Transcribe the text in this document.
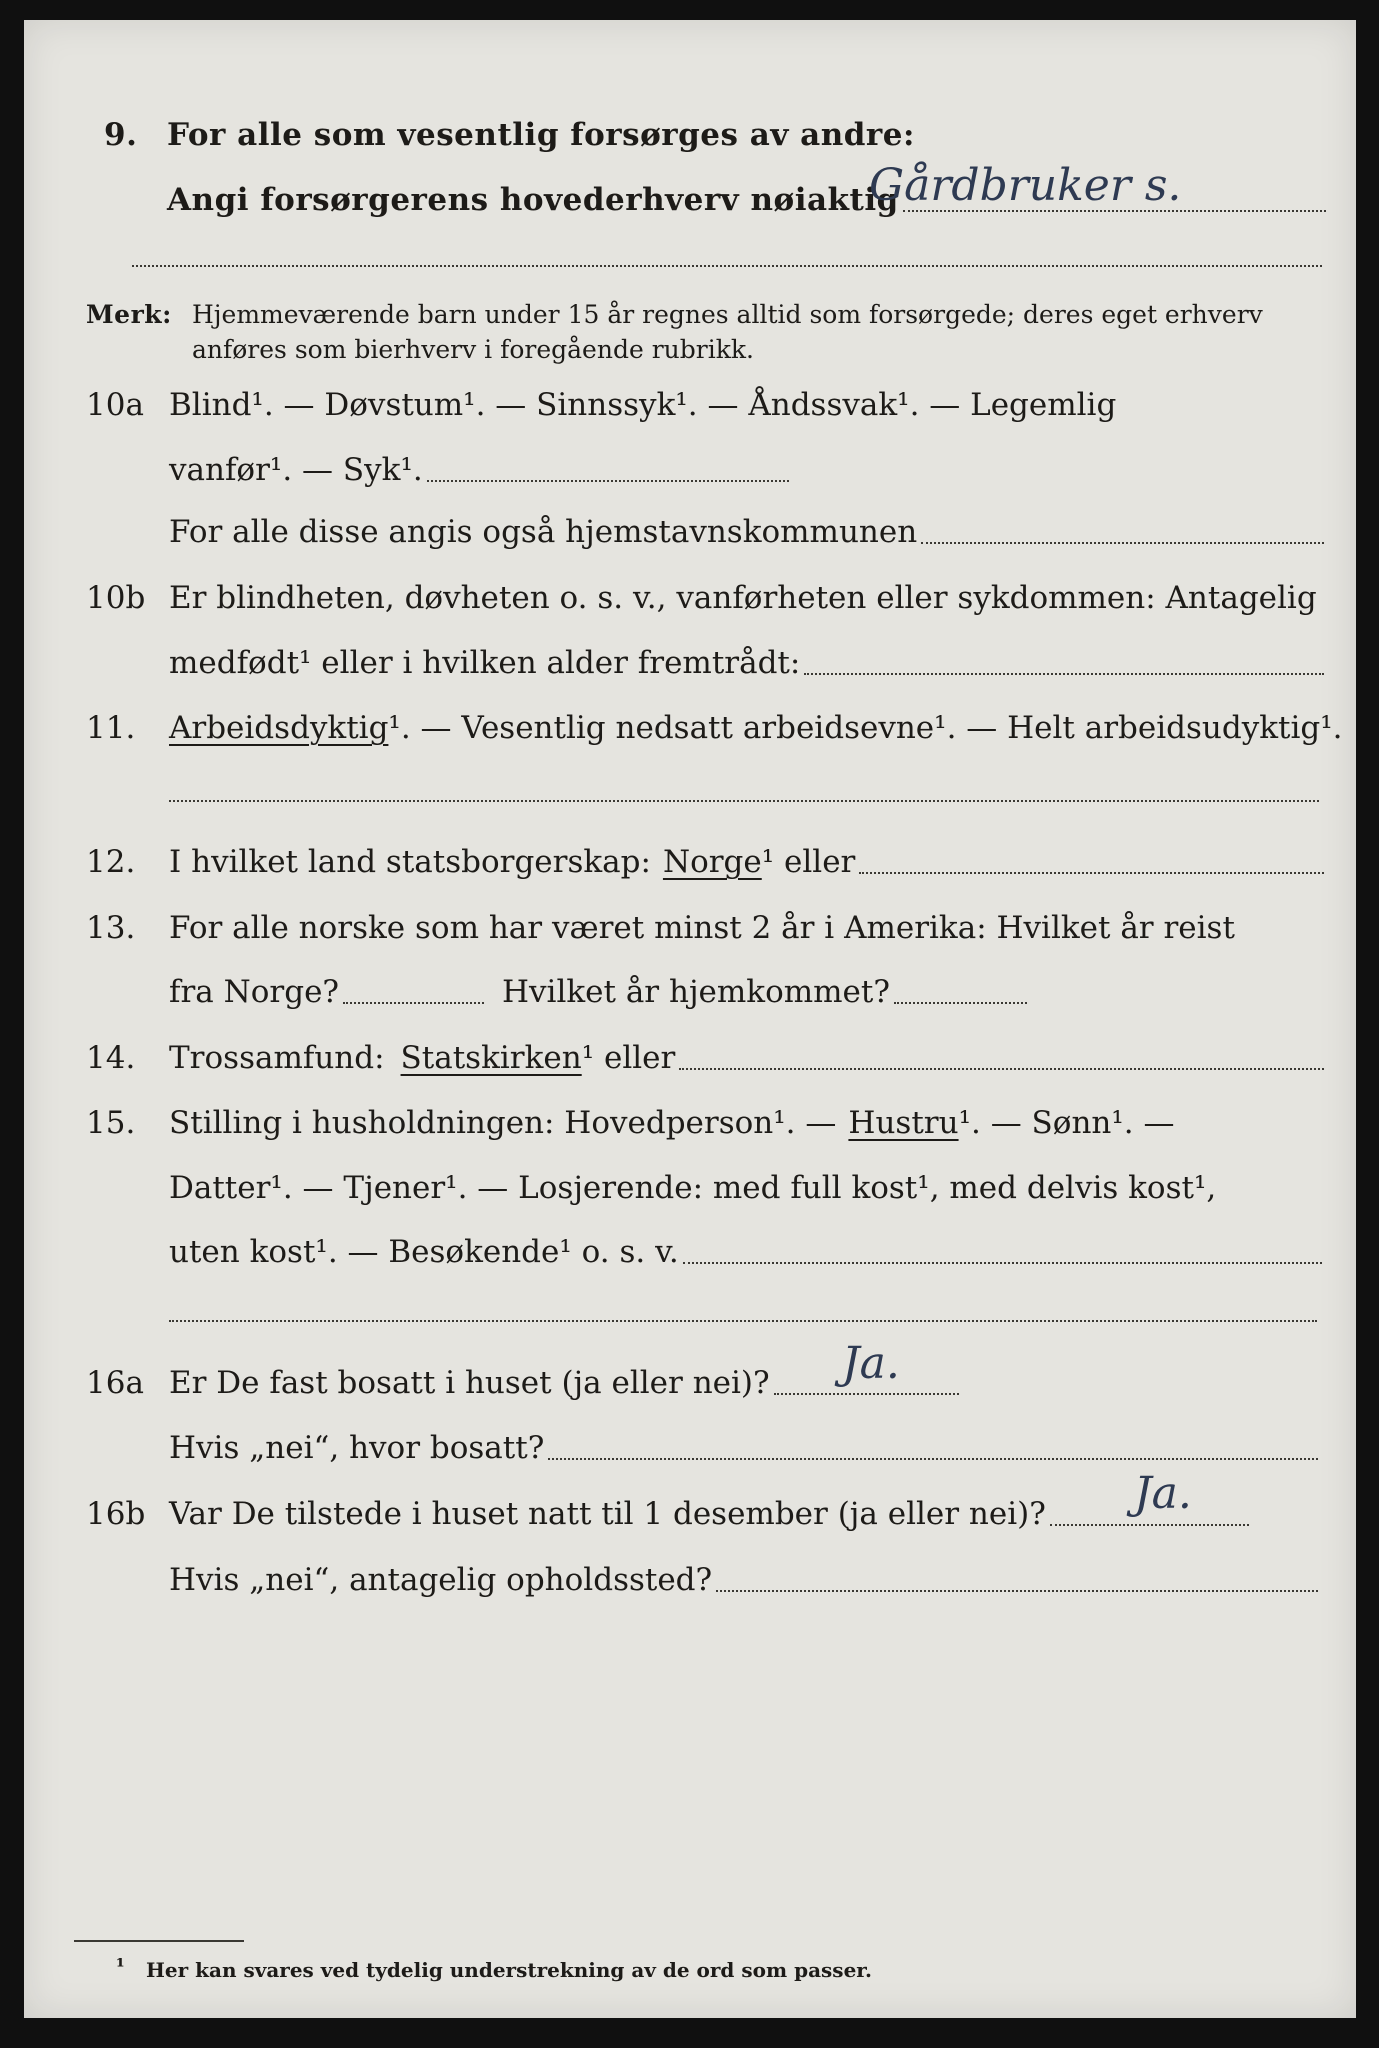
9. For alle som vesentlig forsørges av andre:
Angi forsørgerens hovederhverv nøiaktig
Gårdbruker s.
Merk: Hjemmeværende barn under 15 år regnes alltid som forsørgede; deres eget erhverv
anføres som bierhverv i foregående rubrikk.
10a Blind¹. — Døvstum¹. — Sinnssyk¹. — Åndssvak¹. — Legemlig
vanfør¹. — Syk¹.
For alle disse angis også hjemstavnskommunen
10b Er blindheten, døvheten o. s. v., vanførheten eller sykdommen: Antagelig
medfødt¹ eller i hvilken alder fremtrådt:
11. Arbeidsdyktig ¹. — Vesentlig nedsatt arbeidsevne¹. — Helt arbeidsudyktig¹.
12. I hvilket land statsborgerskap: Norge ¹ eller
13. For alle norske som har været minst 2 år i Amerika: Hvilket år reist
fra Norge?	Hvilket år hjemkommet?
14. Trossamfund: Statskirken ¹ eller
15. Stilling i husholdningen: Hovedperson¹. — Hustru ¹. — Sønn¹. —
Datter¹. — Tjener¹. — Losjerende: med full kost¹, med delvis kost¹,
uten kost¹. — Besøkende¹ o. s. v.
16a Er De fast bosatt i huset (ja eller nei)? Ja.
Hvis „nei“, hvor bosatt?
16b Var De tilstede i huset natt til 1 desember (ja eller nei)? Ja.
Hvis „nei“, antagelig opholdssted?
¹ Her kan svares ved tydelig understrekning av de ord som passer.
